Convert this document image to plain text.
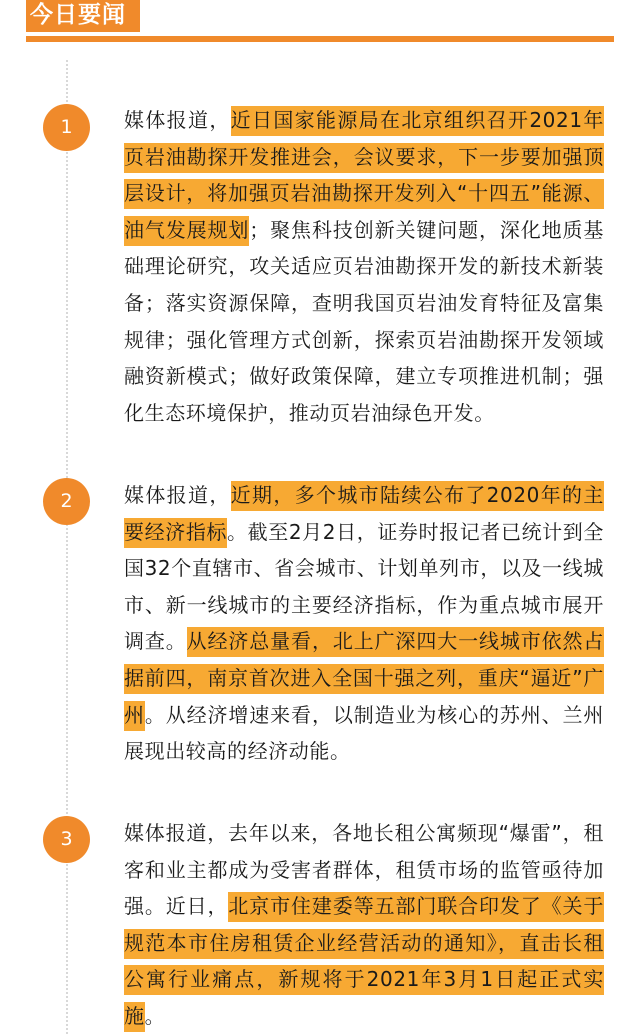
今日要闻
1	媒体报道，近日国家能源局在北京组织召开2021年页岩油勘探开发推进会，会议要求，下一步要加强顶层设计，将加强页岩油勘探开发列入“十四五”能源、油气发展规划；聚焦科技创新关键问题，深化地质基础理论研究，攻关适应页岩油勘探开发的新技术新装备；落实资源保障，查明我国页岩油发育特征及富集规律；强化管理方式创新，探索页岩油勘探开发领域融资新模式；做好政策保障，建立专项推进机制；强化生态环境保护，推动页岩油绿色开发。

2	媒体报道，近期，多个城市陆续公布了2020年的主要经济指标。截至2月2日，证券时报记者已统计到全国32个直辖市、省会城市、计划单列市，以及一线城市、新一线城市的主要经济指标，作为重点城市展开调查。从经济总量看，北上广深四大一线城市依然占据前四，南京首次进入全国十强之列，重庆“逼近”广州。从经济增速来看，以制造业为核心的苏州、兰州展现出较高的经济动能。

3	媒体报道，去年以来，各地长租公寓频现“爆雷”，租客和业主都成为受害者群体，租赁市场的监管亟待加强。近日，北京市住建委等五部门联合印发了《关于规范本市住房租赁企业经营活动的通知》，直击长租公寓行业痛点，新规将于2021年3月1日起正式实施。
